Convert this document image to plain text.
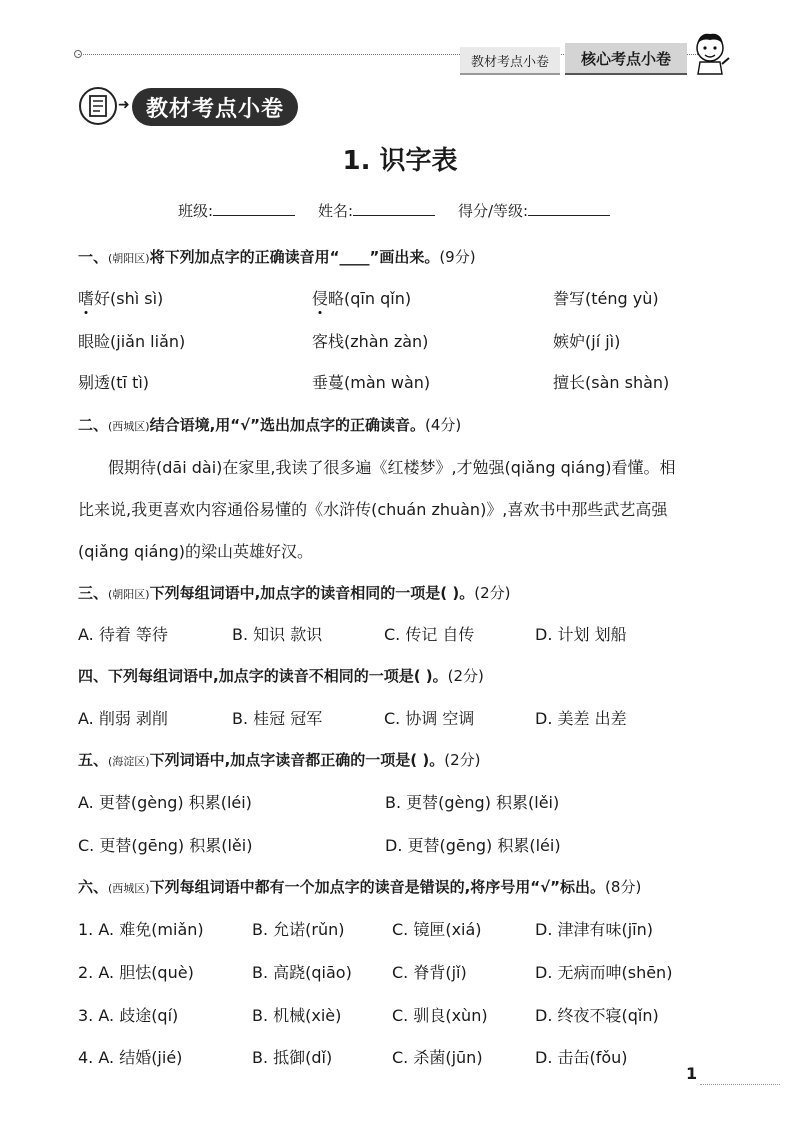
教材考点小卷	核心考点小卷
➜ 教材考点小卷
1. 识字表
班级:	姓名:	得分/等级:
一、(朝阳区)将下列加点字的正确读音用“____”画出来。(9分)
嗜好(shì sì)	侵略(qīn qǐn)	誊写(téng yù)
眼睑(jiǎn liǎn)	客栈(zhàn zàn)	嫉妒(jí jì)
剔透(tī tì)	垂蔓(màn wàn)	擅长(sàn shàn)
二、(西城区)结合语境,用“√”选出加点字的正确读音。(4分)
假期待(dāi dài)在家里,我读了很多遍《红楼梦》,才勉强(qiǎng qiáng)看懂。相
比来说,我更喜欢内容通俗易懂的《水浒传(chuán zhuàn)》,喜欢书中那些武艺高强
(qiǎng qiáng)的梁山英雄好汉。
三、(朝阳区)下列每组词语中,加点字的读音相同的一项是( )。(2分)
A. 待着 等待	B. 知识 款识	C. 传记 自传	D. 计划 划船
四、下列每组词语中,加点字的读音不相同的一项是( )。(2分)
A. 削弱 剥削	B. 桂冠 冠军	C. 协调 空调	D. 美差 出差
五、(海淀区)下列词语中,加点字读音都正确的一项是( )。(2分)
A. 更替(gèng) 积累(léi)	B. 更替(gèng) 积累(lěi)
C. 更替(gēng) 积累(lěi)	D. 更替(gēng) 积累(léi)
六、(西城区)下列每组词语中都有一个加点字的读音是错误的,将序号用“√”标出。(8分)
1. A. 难免(miǎn)	B. 允诺(rǔn)	C. 镜匣(xiá)	D. 津津有味(jīn)
2. A. 胆怯(què)	B. 高跷(qiāo)	C. 脊背(jǐ)	D. 无病而呻(shēn)
3. A. 歧途(qí)	B. 机械(xiè)	C. 驯良(xùn)	D. 终夜不寝(qǐn)
4. A. 结婚(jié)	B. 抵御(dǐ)	C. 杀菌(jūn)	D. 击缶(fǒu)
1
